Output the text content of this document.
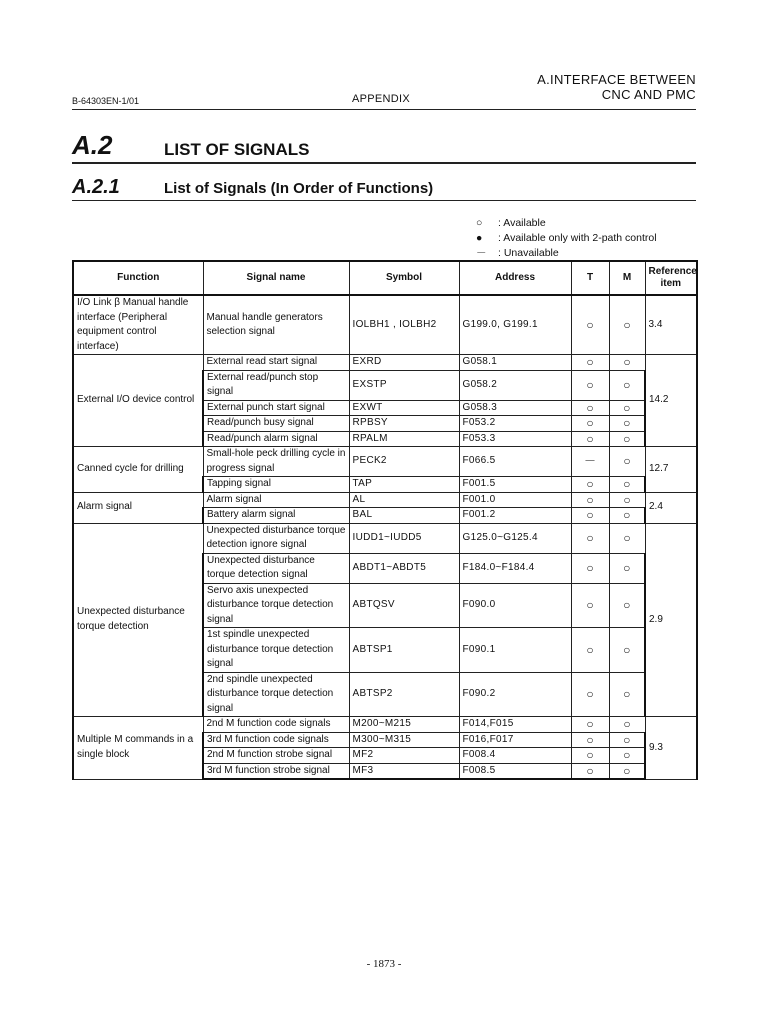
B-64303EN-1/01	APPENDIX
A.INTERFACE BETWEEN
CNC AND PMC
A.2	LIST OF SIGNALS
A.2.1	List of Signals (In Order of Functions)
○ : Available
● : Available only with 2-path control
－ : Unavailable
Function	Signal name	Symbol	Address	T	M	Reference item
I/O Link β Manual handle interface (Peripheral equipment control interface)	Manual handle generators selection signal	IOLBH1 , IOLBH2	G199.0, G199.1	○	○	3.4
External I/O device control	External read start signal	EXRD	G058.1	○	○	14.2
	External read/punch stop signal	EXSTP	G058.2	○	○	
	External punch start signal	EXWT	G058.3	○	○	
	Read/punch busy signal	RPBSY	F053.2	○	○	
	Read/punch alarm signal	RPALM	F053.3	○	○	
Canned cycle for drilling	Small-hole peck drilling cycle in progress signal	PECK2	F066.5	－	○	12.7
	Tapping signal	TAP	F001.5	○	○	
Alarm signal	Alarm signal	AL	F001.0	○	○	2.4
	Battery alarm signal	BAL	F001.2	○	○	
Unexpected disturbance torque detection	Unexpected disturbance torque detection ignore signal	IUDD1~IUDD5	G125.0~G125.4	○	○	2.9
	Unexpected disturbance torque detection signal	ABDT1~ABDT5	F184.0~F184.4	○	○	
	Servo axis unexpected disturbance torque detection signal	ABTQSV	F090.0	○	○	
	1st spindle unexpected disturbance torque detection signal	ABTSP1	F090.1	○	○	
	2nd spindle unexpected disturbance torque detection signal	ABTSP2	F090.2	○	○	
Multiple M commands in a single block	2nd M function code signals	M200~M215	F014,F015	○	○	9.3
	3rd M function code signals	M300~M315	F016,F017	○	○	
	2nd M function strobe signal	MF2	F008.4	○	○	
	3rd M function strobe signal	MF3	F008.5	○	○	
- 1873 -
